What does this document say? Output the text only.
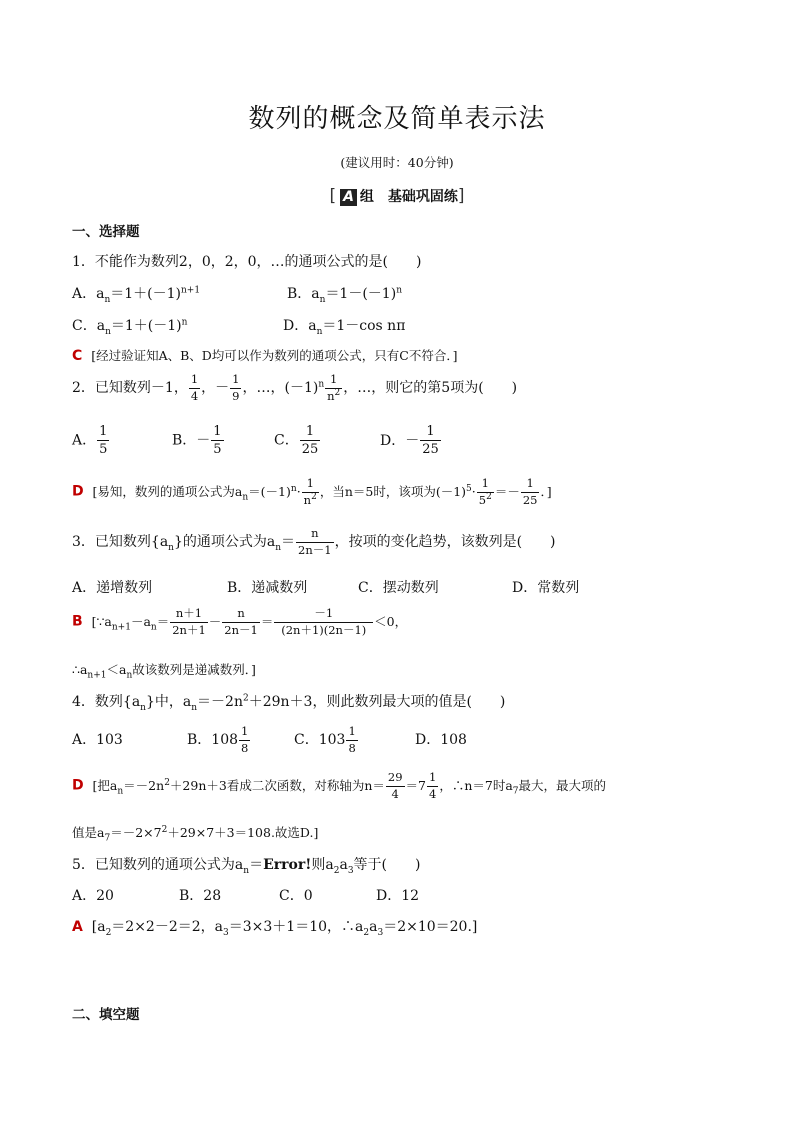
数列的概念及简单表示法
(建议用时：40分钟)
[ A 组　基础巩固练]
一、选择题
1．不能作为数列2，0，2，0，…的通项公式的是(　　)
A．$a_n=1+(-1)^{n+1}$	B．$a_n=1-(-1)^n$
C．$a_n=1+(-1)^n$	D．$a_n=1-\cos$ nπ
C [经过验证知A、B、D均可以作为数列的通项公式，只有C不符合．]
2．已知数列－1， $\frac{1}{4}$ ，－ $\frac{1}{9}$ ，…，$(-1)^n \frac{1}{n^2}$ ，…，则它的第5项为(　　)
A． $\frac{1}{5}$	B．－ $\frac{1}{5}$	C． $\frac{1}{25}$	D．－ $\frac{1}{25}$
D [易知，数列的通项公式为$a_n=(-1)^n\cdot \frac{1}{n^2}$ ，当n＝5时，该项为$(-1)^5\cdot \frac{1}{5^2} =- \frac{1}{25}$ ．]
3．已知数列$\{a_n\}$的通项公式为$a_n= \frac{n}{2n-1}$ ，按项的变化趋势，该数列是(　　)
A．递增数列	B．递减数列	C．摆动数列	D．常数列
B [$\because a_{n+1}-a_n= \frac{n+1}{2n+1} - \frac{n}{2n-1} = \frac{-1}{(2n+1)(2n-1)} <0$，
$\therefore a_{n+1}<a_n$故该数列是递减数列．]
4．数列$\{a_n\}$中，$a_n=-2n^2+29n+3$，则此数列最大项的值是(　　)
A．103	B．$108 \frac{1}{8}$	C．$103 \frac{1}{8}$	D．108
D [把$a_n=-2n^2+29n+3$看成二次函数，对称轴为$n= \frac{29}{4} =7 \frac{1}{4}$ ，∴n＝7时$a_7$最大，最大项的
值是$a_7=-2\times 7^2+29\times 7+3=108$.故选D.]
5．已知数列的通项公式为$a_n=Error$!则$a_2a_3$等于(　　)
A．20	B．28	C．0	D．12
A [$a_2=2\times 2-2=2$，$a_3=3\times 3+1=10$，$\therefore a_2a_3=2\times 10=20$.]
二、填空题
